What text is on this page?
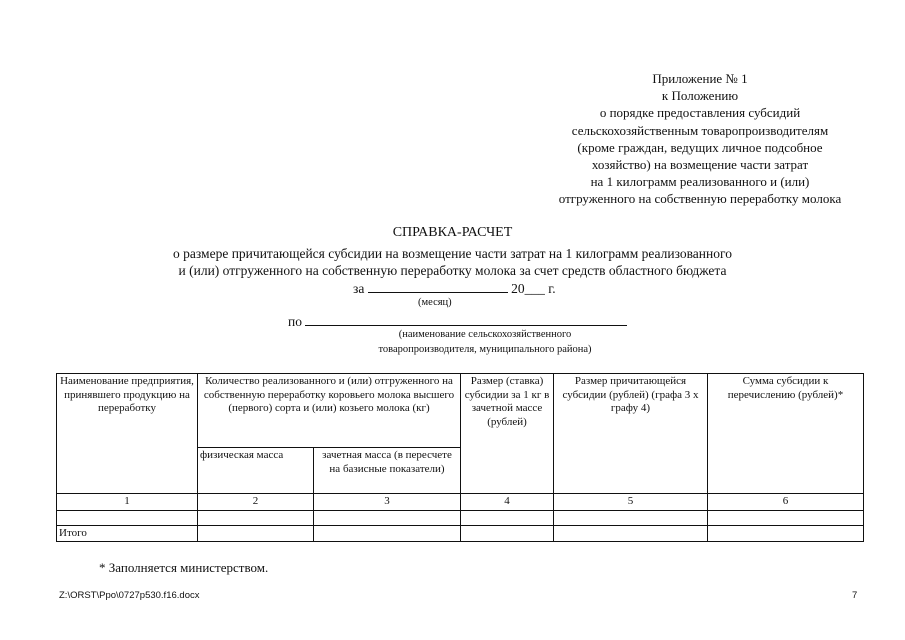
Приложение № 1
к Положению
о порядке предоставления субсидий
сельскохозяйственным товаропроизводителям
(кроме граждан, ведущих личное подсобное
хозяйство) на возмещение части затрат
на 1 килограмм реализованного и (или)
отгруженного на собственную переработку молока
СПРАВКА-РАСЧЕТ
о размере причитающейся субсидии на возмещение части затрат на 1 килограмм реализованного
и (или) отгруженного на собственную переработку молока за счет средств областного бюджета
за	20___ г.
(месяц)
по
(наименование сельскохозяйственного
товаропроизводителя, муниципального района)
Наименование предприятия, принявшего продукцию на переработку	Количество реализованного и (или) отгруженного на собственную переработку коровьего молока высшего (первого) сорта и (или) козьего молока (кг)		Размер (ставка) субсидии за 1 кг в зачетной массе (рублей)	Размер причитающейся субсидии (рублей) (графа 3 х графу 4)	Сумма субсидии к перечислению (рублей)*
	физическая масса	зачетная масса (в пересчете на базисные показатели)			
1	2	3	4	5	6

Итого					
* Заполняется министерством.
Z:\ORST\Ppo\0727p530.f16.docx	7
